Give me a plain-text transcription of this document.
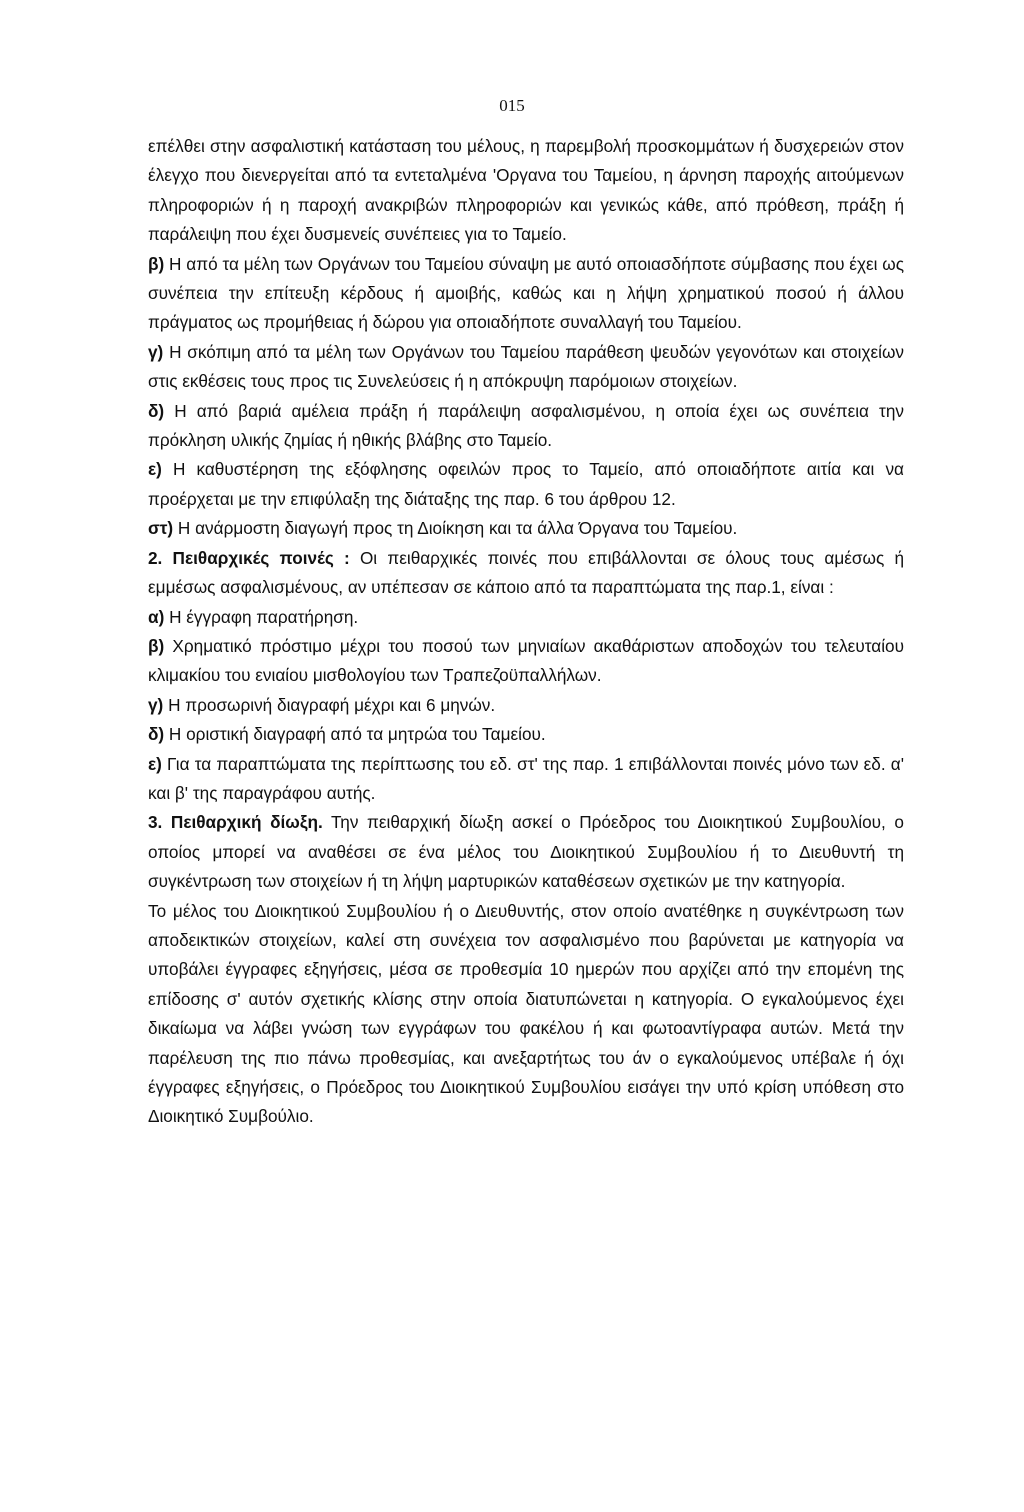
015

επέλθει στην ασφαλιστική κατάσταση του μέλους, η παρεμβολή προσκομμάτων ή δυσχερειών στον έλεγχο που διενεργείται από τα εντεταλμένα 'Οργανα του Ταμείου, η άρνηση παροχής αιτούμενων πληροφοριών ή η παροχή ανακριβών πληροφοριών και γενικώς κάθε, από πρόθεση, πράξη ή παράλειψη που έχει δυσμενείς συνέπειες για το Ταμείο.

β) Η από τα μέλη των Οργάνων του Ταμείου σύναψη με αυτό οποιασδήποτε σύμβασης που έχει ως συνέπεια την επίτευξη κέρδους ή αμοιβής, καθώς και η λήψη χρηματικού ποσού ή άλλου πράγματος ως προμήθειας ή δώρου για οποιαδήποτε συναλλαγή του Ταμείου.

γ) Η σκόπιμη από τα μέλη των Οργάνων του Ταμείου παράθεση ψευδών γεγονότων και στοιχείων στις εκθέσεις τους προς τις Συνελεύσεις ή η απόκρυψη παρόμοιων στοιχείων.

δ) Η από βαριά αμέλεια πράξη ή παράλειψη ασφαλισμένου, η οποία έχει ως συνέπεια την πρόκληση υλικής ζημίας ή ηθικής βλάβης στο Ταμείο.

ε) Η καθυστέρηση της εξόφλησης οφειλών προς το Ταμείο, από οποιαδήποτε αιτία και να προέρχεται με την επιφύλαξη της διάταξης της παρ. 6 του άρθρου 12.

στ) Η ανάρμοστη διαγωγή προς τη Διοίκηση και τα άλλα Όργανα του Ταμείου.

2. Πειθαρχικές ποινές : Οι πειθαρχικές ποινές που επιβάλλονται σε όλους τους αμέσως ή εμμέσως ασφαλισμένους, αν υπέπεσαν σε κάποιο από τα παραπτώματα της παρ.1, είναι :

α) Η έγγραφη παρατήρηση.

β) Χρηματικό πρόστιμο μέχρι του ποσού των μηνιαίων ακαθάριστων αποδοχών του τελευταίου κλιμακίου του ενιαίου μισθολογίου των Τραπεζοϋπαλλήλων.

γ) Η προσωρινή διαγραφή μέχρι και 6 μηνών.

δ) Η οριστική διαγραφή από τα μητρώα του Ταμείου.

ε) Για τα παραπτώματα της περίπτωσης του εδ. στ' της παρ. 1 επιβάλλονται ποινές μόνο των εδ. α' και β' της παραγράφου αυτής.

3. Πειθαρχική δίωξη. Την πειθαρχική δίωξη ασκεί ο Πρόεδρος του Διοικητικού Συμβουλίου, ο οποίος μπορεί να αναθέσει σε ένα μέλος του Διοικητικού Συμβουλίου ή το Διευθυντή τη συγκέντρωση των στοιχείων ή τη λήψη μαρτυρικών καταθέσεων σχετικών με την κατηγορία.

Το μέλος του Διοικητικού Συμβουλίου ή ο Διευθυντής, στον οποίο ανατέθηκε η συγκέντρωση των αποδεικτικών στοιχείων, καλεί στη συνέχεια τον ασφαλισμένο που βαρύνεται με κατηγορία να υποβάλει έγγραφες εξηγήσεις, μέσα σε προθεσμία 10 ημερών που αρχίζει από την επομένη της επίδοσης σ' αυτόν σχετικής κλίσης στην οποία διατυπώνεται η κατηγορία. Ο εγκαλούμενος έχει δικαίωμα να λάβει γνώση των εγγράφων του φακέλου ή και φωτοαντίγραφα αυτών. Μετά την παρέλευση της πιο πάνω προθεσμίας, και ανεξαρτήτως του άν ο εγκαλούμενος υπέβαλε ή όχι έγγραφες εξηγήσεις, ο Πρόεδρος του Διοικητικού Συμβουλίου εισάγει την υπό κρίση υπόθεση στο Διοικητικό Συμβούλιο.
